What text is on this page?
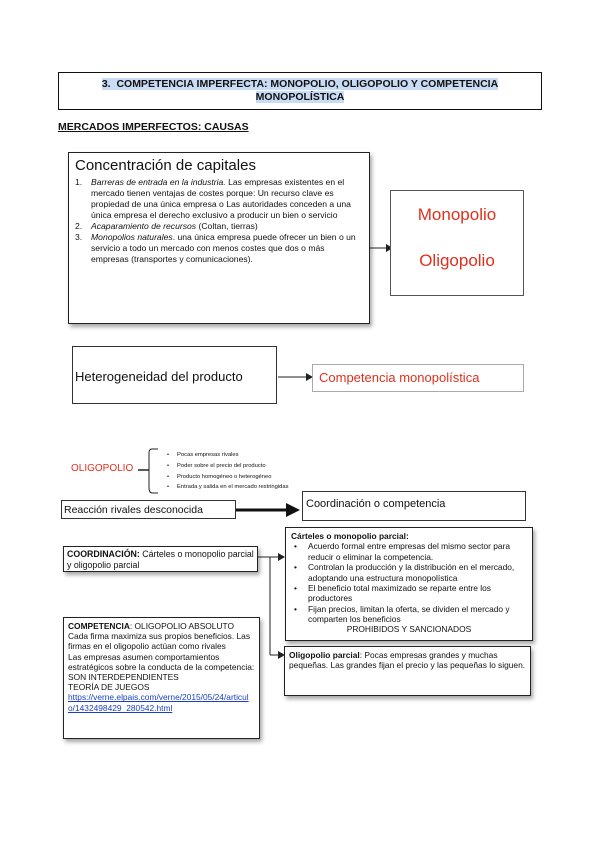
3. COMPETENCIA IMPERFECTA: MONOPOLIO, OLIGOPOLIO Y COMPETENCIA
MONOPOLÍSTICA
MERCADOS IMPERFECTOS: CAUSAS
Concentración de capitales
1.	Barreras de entrada en la industria. Las empresas existentes en el mercado tienen ventajas de costes porque: Un recurso clave es propiedad de una única empresa o Las autoridades conceden a una única empresa el derecho exclusivo a producir un bien o servicio
2.	Acaparamiento de recursos (Coltan, tierras)
3.	Monopolios naturales. una única empresa puede ofrecer un bien o un servicio a todo un mercado con menos costes que dos o más empresas (transportes y comunicaciones).
Monopolio
Oligopolio
Heterogeneidad del producto	Competencia monopolística
OLIGOPOLIO
• Pocas empresas rivales
• Poder sobre el precio del producto
• Producto homogéneo o heterogéneo
• Entrada y salida en el mercado restringidas
Reacción rivales desconocida	Coordinación o competencia
COORDINACIÓN: Cárteles o monopolio parcial y oligopolio parcial
Cárteles o monopolio parcial:
•	Acuerdo formal entre empresas del mismo sector para reducir o eliminar la competencia.
•	Controlan la producción y la distribución en el mercado, adoptando una estructura monopolística
•	El beneficio total maximizado se reparte entre los productores
•	Fijan precios, limitan la oferta, se dividen el mercado y comparten los beneficios
PROHIBIDOS Y SANCIONADOS
Oligopolio parcial: Pocas empresas grandes y muchas pequeñas. Las grandes fijan el precio y las pequeñas lo siguen.
COMPETENCIA: OLIGOPOLIO ABSOLUTO
Cada firma maximiza sus propios beneficios. Las firmas en el oligopolio actúan como rivales
Las empresas asumen comportamientos estratégicos sobre la conducta de la competencia: SON INTERDEPENDIENTES
TEORÍA DE JUEGOS
https://verne.elpais.com/verne/2015/05/24/articulo/1432498429_280542.html
